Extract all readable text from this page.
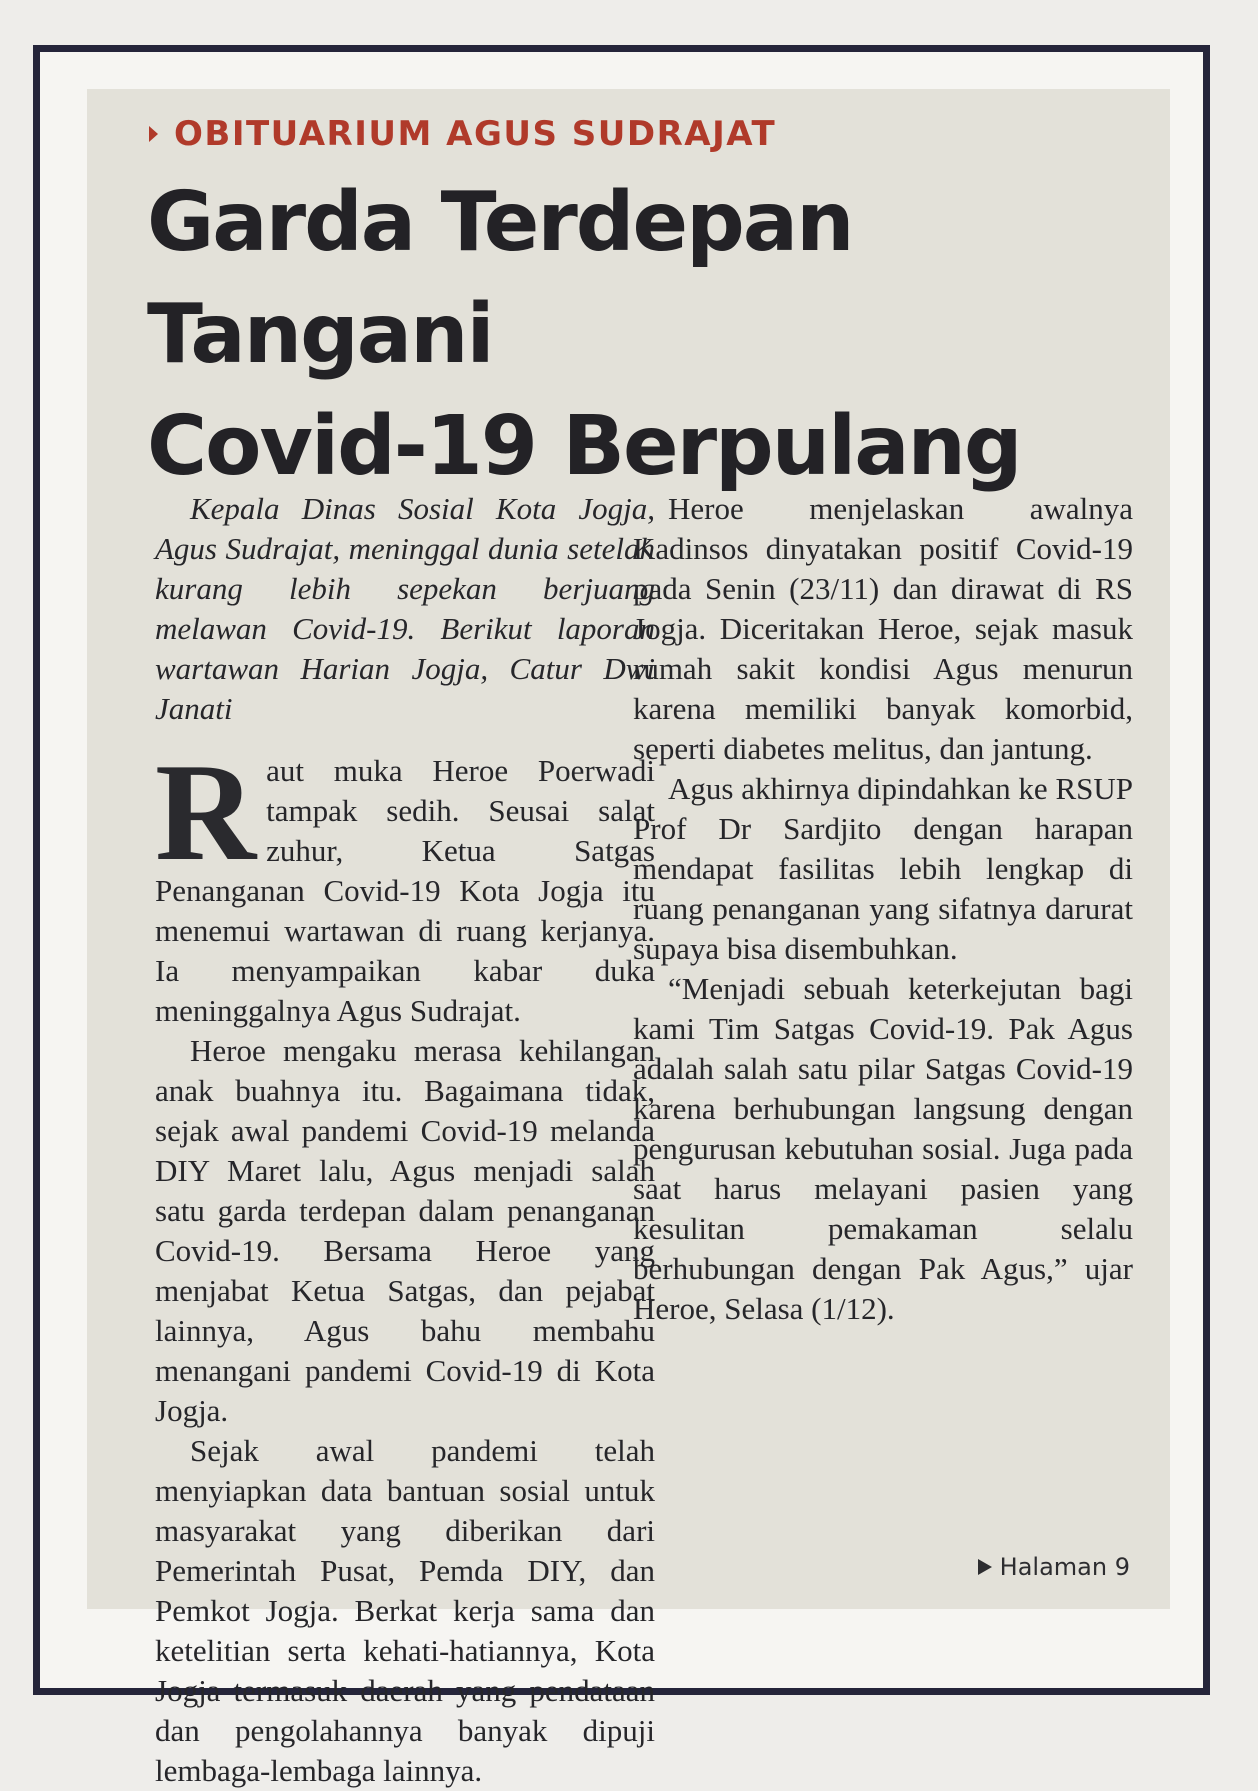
OBITUARIUM AGUS SUDRAJAT
Garda Terdepan Tangani
Covid-19 Berpulang

Kepala Dinas Sosial Kota Jogja, Agus Sudrajat, meninggal dunia setelah kurang lebih sepekan berjuang melawan Covid-19. Berikut laporan wartawan Harian Jogja, Catur Dwi Janati

Raut muka Heroe Poerwadi tampak sedih. Seusai salat zuhur, Ketua Satgas Penanganan Covid-19 Kota Jogja itu menemui wartawan di ruang kerjanya. Ia menyampaikan kabar duka meninggalnya Agus Sudrajat.

Heroe mengaku merasa kehilangan anak buahnya itu. Bagaimana tidak, sejak awal pandemi Covid-19 melanda DIY Maret lalu, Agus menjadi salah satu garda terdepan dalam penanganan Covid-19. Bersama Heroe yang menjabat Ketua Satgas, dan pejabat lainnya, Agus bahu membahu menangani pandemi Covid-19 di Kota Jogja.

Sejak awal pandemi telah menyiapkan data bantuan sosial untuk masyarakat yang diberikan dari Pemerintah Pusat, Pemda DIY, dan Pemkot Jogja. Berkat kerja sama dan ketelitian serta kehati-hatiannya, Kota Jogja termasuk daerah yang pendataan dan pengolahannya banyak dipuji lembaga-lembaga lainnya.

Heroe menjelaskan awalnya Kadinsos dinyatakan positif Covid-19 pada Senin (23/11) dan dirawat di RS Jogja. Diceritakan Heroe, sejak masuk rumah sakit kondisi Agus menurun karena memiliki banyak komorbid, seperti diabetes melitus, dan jantung.

Agus akhirnya dipindahkan ke RSUP Prof Dr Sardjito dengan harapan mendapat fasilitas lebih lengkap di ruang penanganan yang sifatnya darurat supaya bisa disembuhkan.

“Menjadi sebuah keterkejutan bagi kami Tim Satgas Covid-19. Pak Agus adalah salah satu pilar Satgas Covid-19 karena berhubungan langsung dengan pengurusan kebutuhan sosial. Juga pada saat harus melayani pasien yang kesulitan pemakaman selalu berhubungan dengan Pak Agus,” ujar Heroe, Selasa (1/12).

Halaman 9
